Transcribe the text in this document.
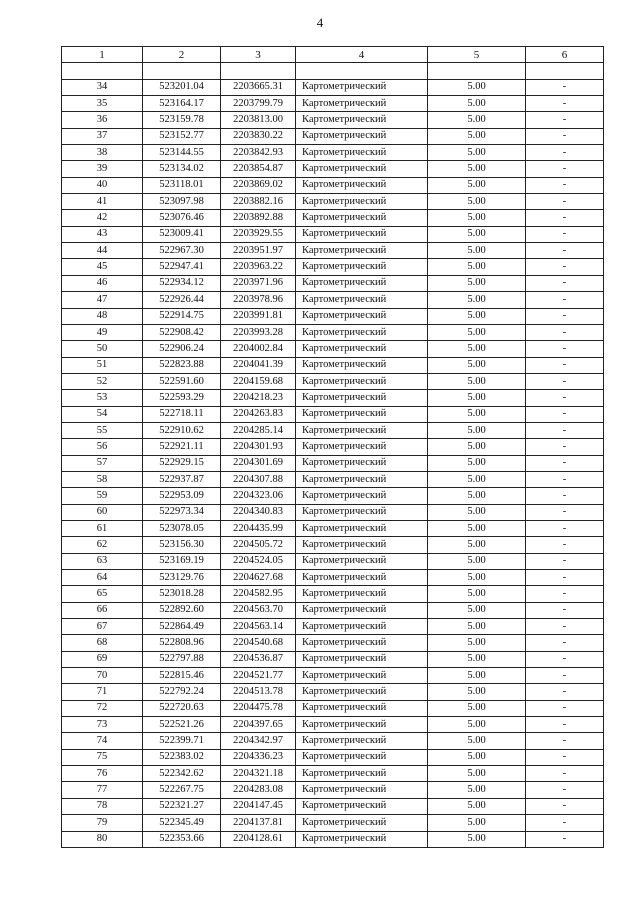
4
1	2	3	4	5	6

34	523201.04	2203665.31	Картометрический	5.00	-
35	523164.17	2203799.79	Картометрический	5.00	-
36	523159.78	2203813.00	Картометрический	5.00	-
37	523152.77	2203830.22	Картометрический	5.00	-
38	523144.55	2203842.93	Картометрический	5.00	-
39	523134.02	2203854.87	Картометрический	5.00	-
40	523118.01	2203869.02	Картометрический	5.00	-
41	523097.98	2203882.16	Картометрический	5.00	-
42	523076.46	2203892.88	Картометрический	5.00	-
43	523009.41	2203929.55	Картометрический	5.00	-
44	522967.30	2203951.97	Картометрический	5.00	-
45	522947.41	2203963.22	Картометрический	5.00	-
46	522934.12	2203971.96	Картометрический	5.00	-
47	522926.44	2203978.96	Картометрический	5.00	-
48	522914.75	2203991.81	Картометрический	5.00	-
49	522908.42	2203993.28	Картометрический	5.00	-
50	522906.24	2204002.84	Картометрический	5.00	-
51	522823.88	2204041.39	Картометрический	5.00	-
52	522591.60	2204159.68	Картометрический	5.00	-
53	522593.29	2204218.23	Картометрический	5.00	-
54	522718.11	2204263.83	Картометрический	5.00	-
55	522910.62	2204285.14	Картометрический	5.00	-
56	522921.11	2204301.93	Картометрический	5.00	-
57	522929.15	2204301.69	Картометрический	5.00	-
58	522937.87	2204307.88	Картометрический	5.00	-
59	522953.09	2204323.06	Картометрический	5.00	-
60	522973.34	2204340.83	Картометрический	5.00	-
61	523078.05	2204435.99	Картометрический	5.00	-
62	523156.30	2204505.72	Картометрический	5.00	-
63	523169.19	2204524.05	Картометрический	5.00	-
64	523129.76	2204627.68	Картометрический	5.00	-
65	523018.28	2204582.95	Картометрический	5.00	-
66	522892.60	2204563.70	Картометрический	5.00	-
67	522864.49	2204563.14	Картометрический	5.00	-
68	522808.96	2204540.68	Картометрический	5.00	-
69	522797.88	2204536.87	Картометрический	5.00	-
70	522815.46	2204521.77	Картометрический	5.00	-
71	522792.24	2204513.78	Картометрический	5.00	-
72	522720.63	2204475.78	Картометрический	5.00	-
73	522521.26	2204397.65	Картометрический	5.00	-
74	522399.71	2204342.97	Картометрический	5.00	-
75	522383.02	2204336.23	Картометрический	5.00	-
76	522342.62	2204321.18	Картометрический	5.00	-
77	522267.75	2204283.08	Картометрический	5.00	-
78	522321.27	2204147.45	Картометрический	5.00	-
79	522345.49	2204137.81	Картометрический	5.00	-
80	522353.66	2204128.61	Картометрический	5.00	-
